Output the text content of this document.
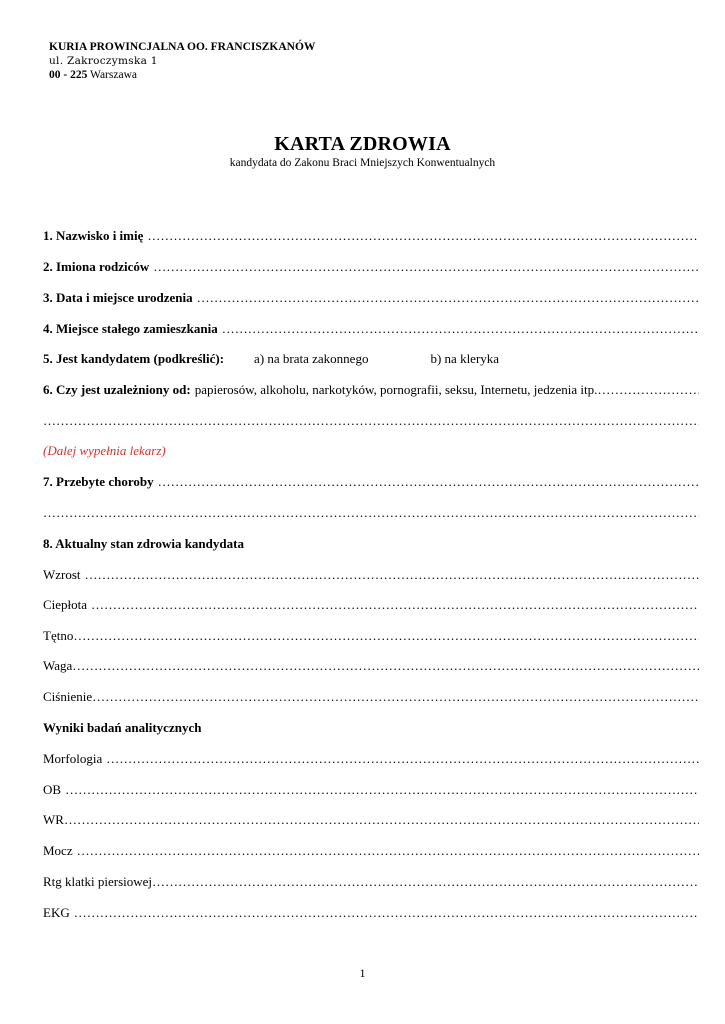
KURIA PROWINCJALNA OO. FRANCISZKANÓW
ul. Zakroczymska 1
00 - 225 Warszawa
KARTA ZDROWIA
kandydata do Zakonu Braci Mniejszych Konwentualnych
1. Nazwisko i imię
……………………………………………………………………………………………………………………………………………………………………………………………………………………………………………………………………
2. Imiona rodziców
……………………………………………………………………………………………………………………………………………………………………………………………………………………………………………………………………
3. Data i miejsce urodzenia
……………………………………………………………………………………………………………………………………………………………………………………………………………………………………………………………………
4. Miejsce stałego zamieszkania
……………………………………………………………………………………………………………………………………………………………………………………………………………………………………………………………………
5. Jest kandydatem (podkreślić):	a) na brata zakonnego	b) na kleryka
6. Czy jest uzależniony od: papierosów, alkoholu, narkotyków, pornografii, seksu, Internetu, jedzenia itp.
……………………………………………………………………………………………………………………………………………………………………………………………………………………………………………………………………
……………………………………………………………………………………………………………………………………………………………………………………………………………………………………………………………………
(Dalej wypełnia lekarz)
7. Przebyte choroby
……………………………………………………………………………………………………………………………………………………………………………………………………………………………………………………………………
……………………………………………………………………………………………………………………………………………………………………………………………………………………………………………………………………
8. Aktualny stan zdrowia kandydata
Wzrost
……………………………………………………………………………………………………………………………………………………………………………………………………………………………………………………………………
Ciepłota
……………………………………………………………………………………………………………………………………………………………………………………………………………………………………………………………………
Tętno
……………………………………………………………………………………………………………………………………………………………………………………………………………………………………………………………………
Waga
……………………………………………………………………………………………………………………………………………………………………………………………………………………………………………………………………
Ciśnienie
……………………………………………………………………………………………………………………………………………………………………………………………………………………………………………………………………
Wyniki badań analitycznych
Morfologia
……………………………………………………………………………………………………………………………………………………………………………………………………………………………………………………………………
OB
……………………………………………………………………………………………………………………………………………………………………………………………………………………………………………………………………
WR
……………………………………………………………………………………………………………………………………………………………………………………………………………………………………………………………………
Mocz
……………………………………………………………………………………………………………………………………………………………………………………………………………………………………………………………………
Rtg klatki piersiowej
……………………………………………………………………………………………………………………………………………………………………………………………………………………………………………………………………
EKG
……………………………………………………………………………………………………………………………………………………………………………………………………………………………………………………………………
1
